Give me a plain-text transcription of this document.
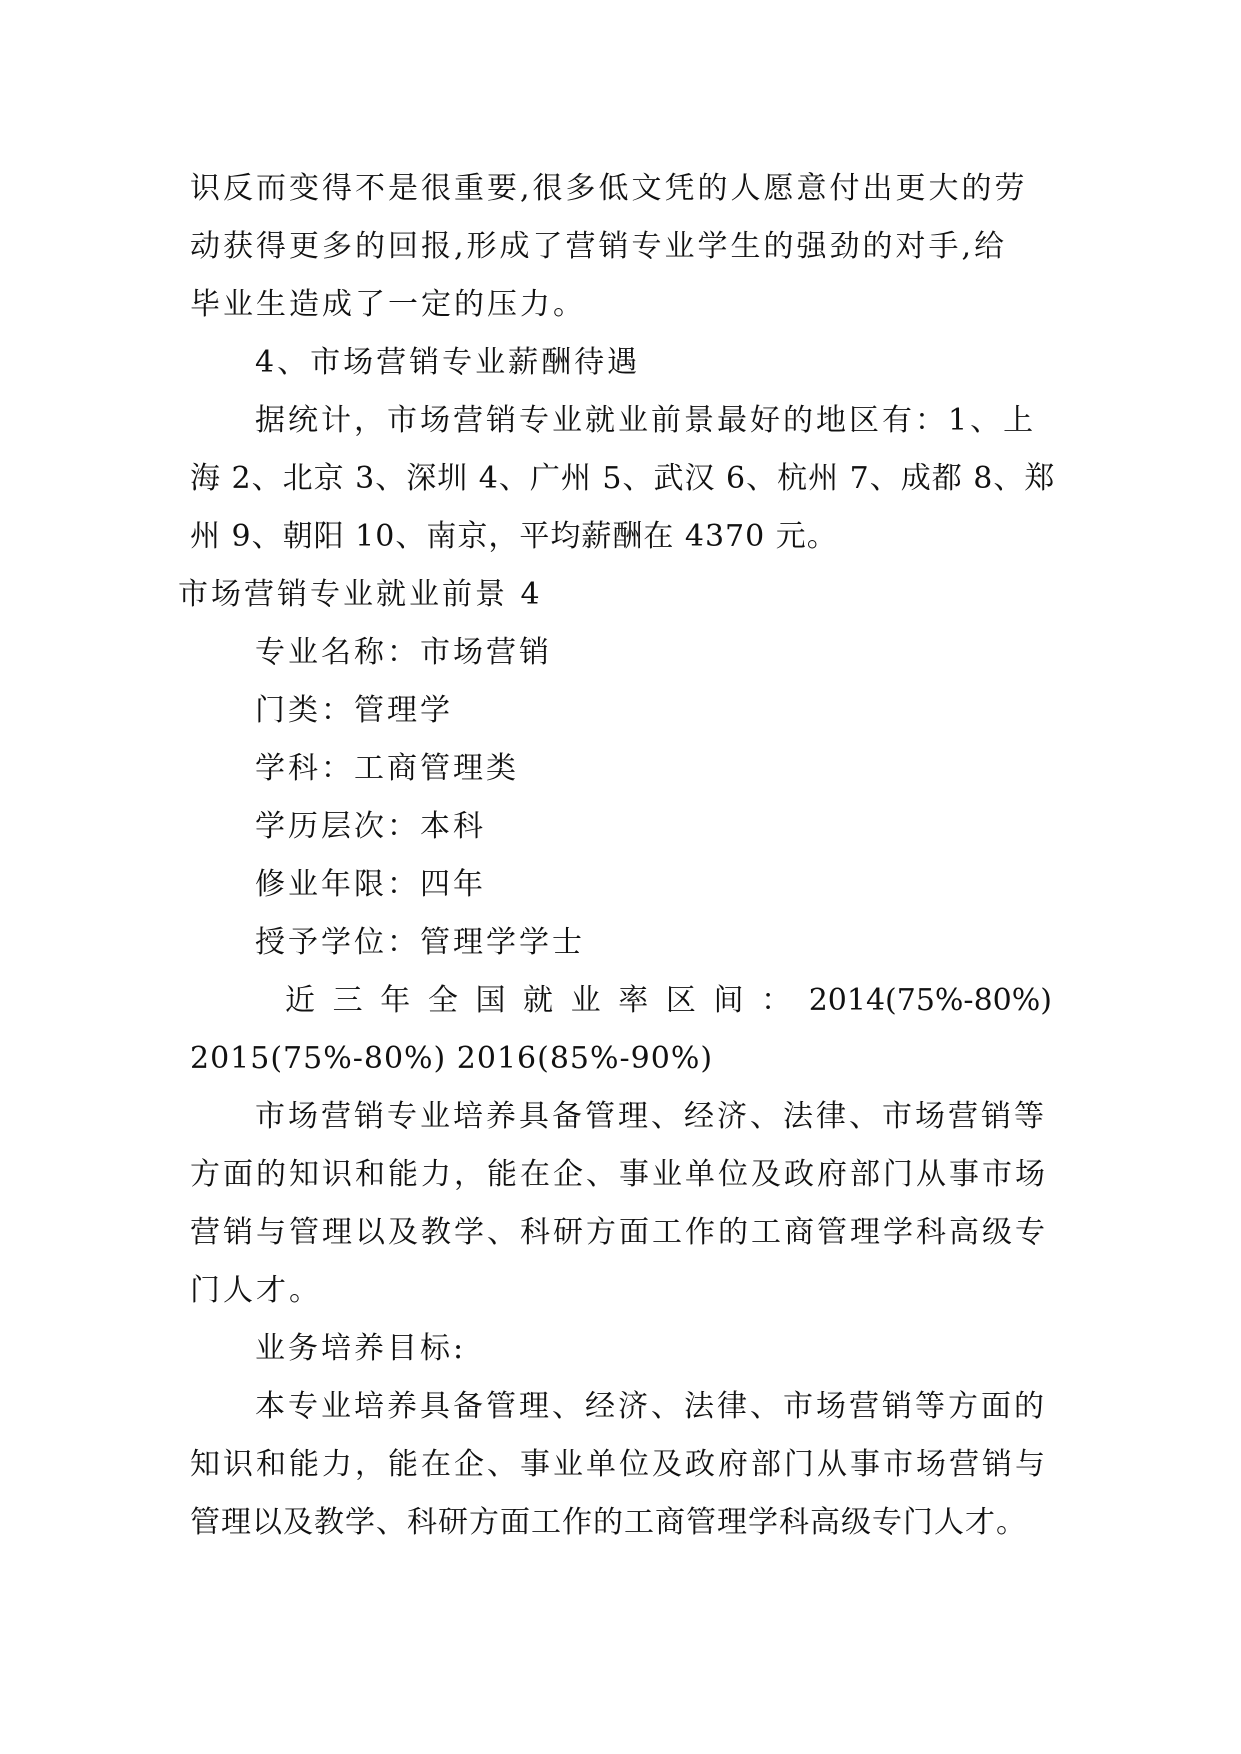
识反而变得不是很重要,很多低文凭的人愿意付出更大的劳
动获得更多的回报,形成了营销专业学生的强劲的对手,给
毕业生造成了一定的压力。
4、市场营销专业薪酬待遇
据统计，市场营销专业就业前景最好的地区有：1、上
海 2、北京 3、深圳 4、广州 5、武汉 6、杭州 7、成都 8、郑
州 9、朝阳 10、南京，平均薪酬在 4370 元。
市场营销专业就业前景 4
专业名称：市场营销
门类：管理学
学科：工商管理类
学历层次：本科
修业年限：四年
授予学位：管理学学士
近 三 年 全 国 就 业 率 区 间 ： 2014(75%-80%)
2015(75%-80%) 2016(85%-90%)
市场营销专业培养具备管理、经济、法律、市场营销等
方面的知识和能力，能在企、事业单位及政府部门从事市场
营销与管理以及教学、科研方面工作的工商管理学科高级专
门人才。
业务培养目标:
本专业培养具备管理、经济、法律、市场营销等方面的
知识和能力，能在企、事业单位及政府部门从事市场营销与
管理以及教学、科研方面工作的工商管理学科高级专门人才。
